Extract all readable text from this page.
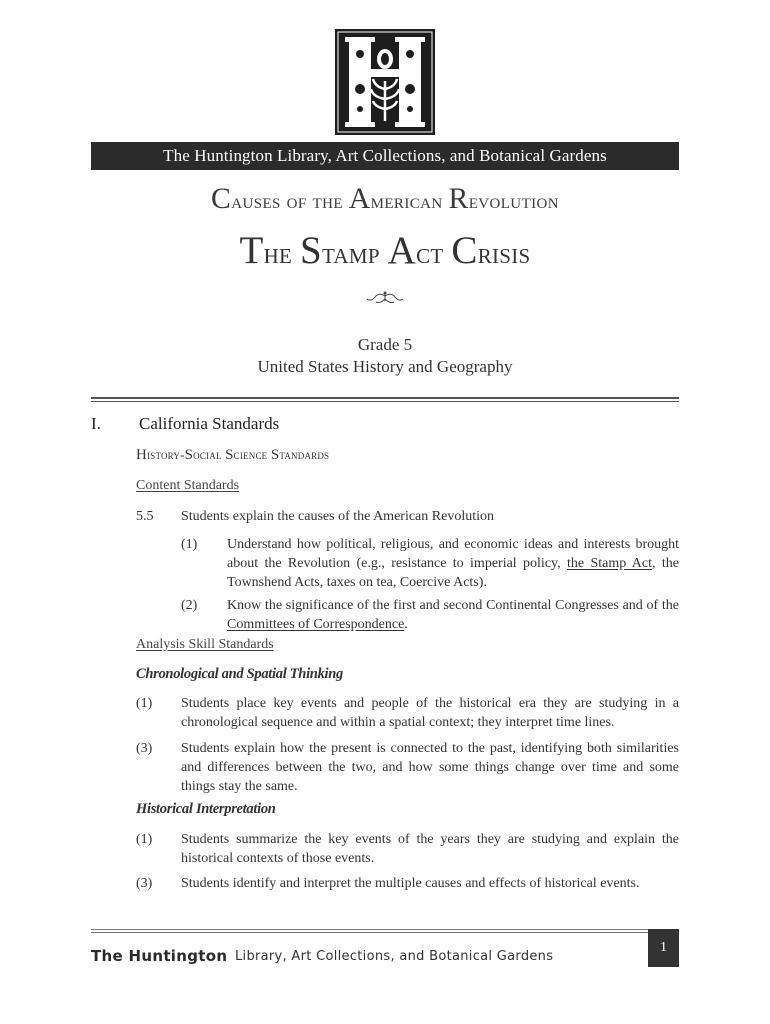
The Huntington Library, Art Collections, and Botanical Gardens
Causes of the American Revolution
The Stamp Act Crisis
Grade 5
United States History and Geography
I. California Standards
History-Social Science Standards
Content Standards
5.5 Students explain the causes of the American Revolution
(1) Understand how political, religious, and economic ideas and interests brought about the Revolution (e.g., resistance to imperial policy, the Stamp Act, the Townshend Acts, taxes on tea, Coercive Acts).
(2) Know the significance of the first and second Continental Congresses and of the Committees of Correspondence.
Analysis Skill Standards
Chronological and Spatial Thinking
(1) Students place key events and people of the historical era they are studying in a chronological sequence and within a spatial context; they interpret time lines.
(3) Students explain how the present is connected to the past, identifying both similarities and differences between the two, and how some things change over time and some things stay the same.
Historical Interpretation
(1) Students summarize the key events of the years they are studying and explain the historical contexts of those events.
(3) Students identify and interpret the multiple causes and effects of historical events.
The Huntington Library, Art Collections, and Botanical Gardens
1
